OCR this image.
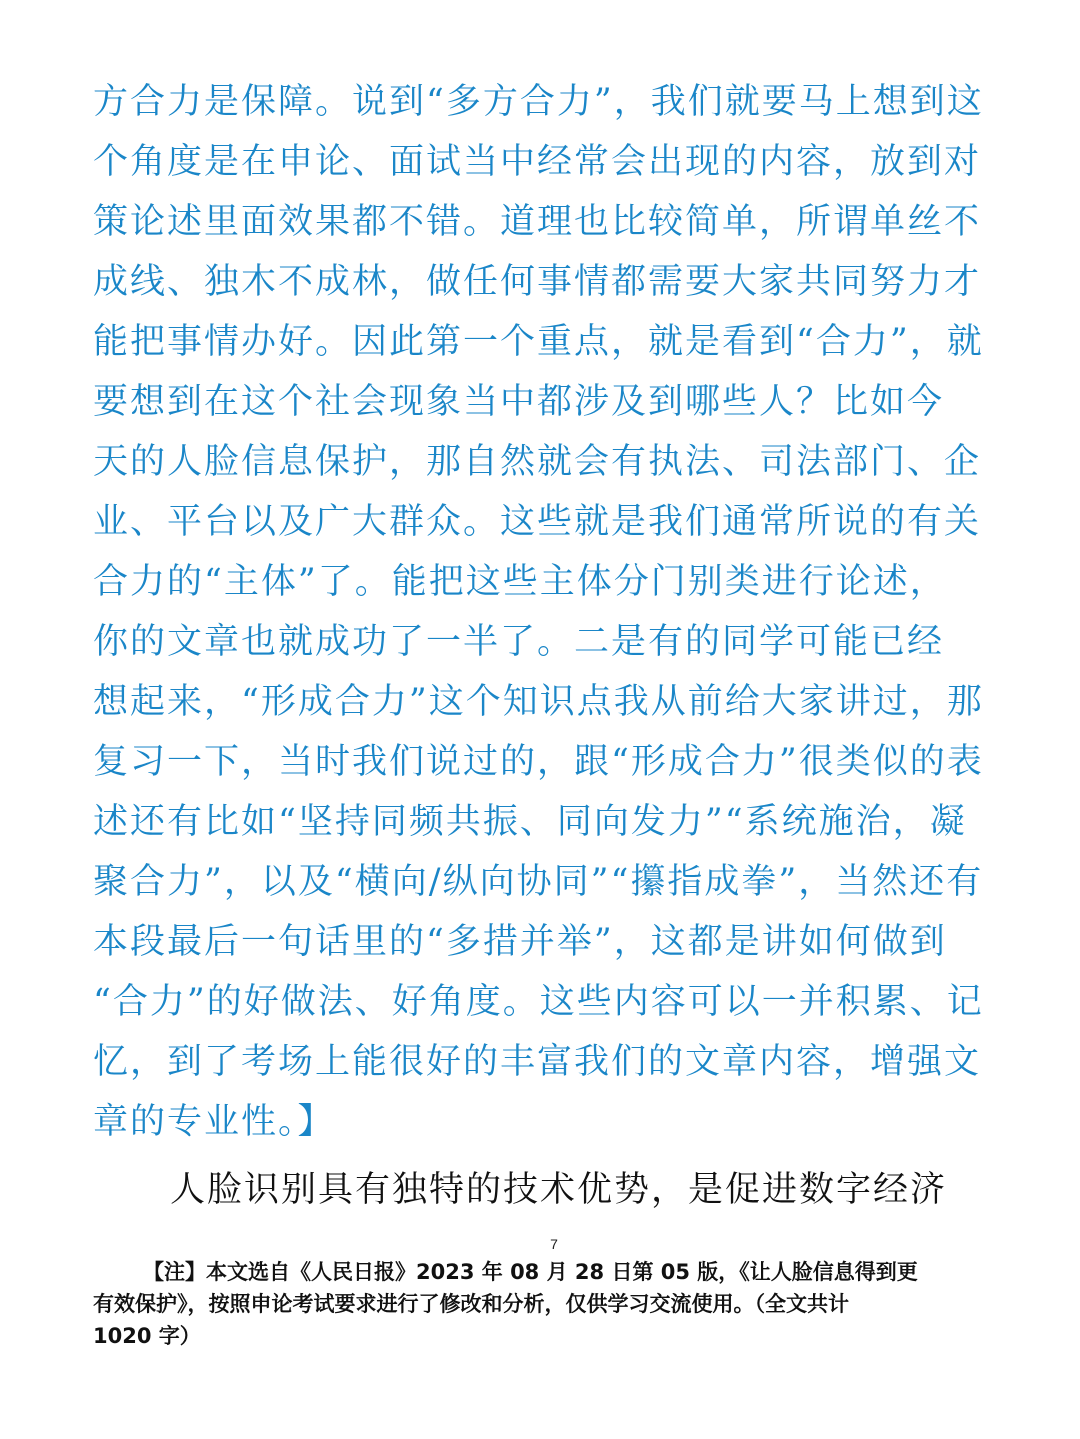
方合力是保障。说到“多方合力”，我们就要马上想到这
个角度是在申论、面试当中经常会出现的内容，放到对
策论述里面效果都不错。道理也比较简单，所谓单丝不
成线、独木不成林，做任何事情都需要大家共同努力才
能把事情办好。因此第一个重点，就是看到“合力”，就
要想到在这个社会现象当中都涉及到哪些人？比如今
天的人脸信息保护，那自然就会有执法、司法部门、企
业、平台以及广大群众。这些就是我们通常所说的有关
合力的“主体”了。能把这些主体分门别类进行论述，
你的文章也就成功了一半了。二是有的同学可能已经
想起来，“形成合力”这个知识点我从前给大家讲过，那
复习一下，当时我们说过的，跟“形成合力”很类似的表
述还有比如“坚持同频共振、同向发力”“系统施治，凝
聚合力”，以及“横向/纵向协同”“攥指成拳”，当然还有
本段最后一句话里的“多措并举”，这都是讲如何做到
“合力”的好做法、好角度。这些内容可以一并积累、记
忆，到了考场上能很好的丰富我们的文章内容，增强文
章的专业性。】
人脸识别具有独特的技术优势，是促进数字经济
7
【注】本文选自《人民日报》2023 年 08 月 28 日第 05 版，《让人脸信息得到更
有效保护》，按照申论考试要求进行了修改和分析，仅供学习交流使用。（全文共计
1020 字）
